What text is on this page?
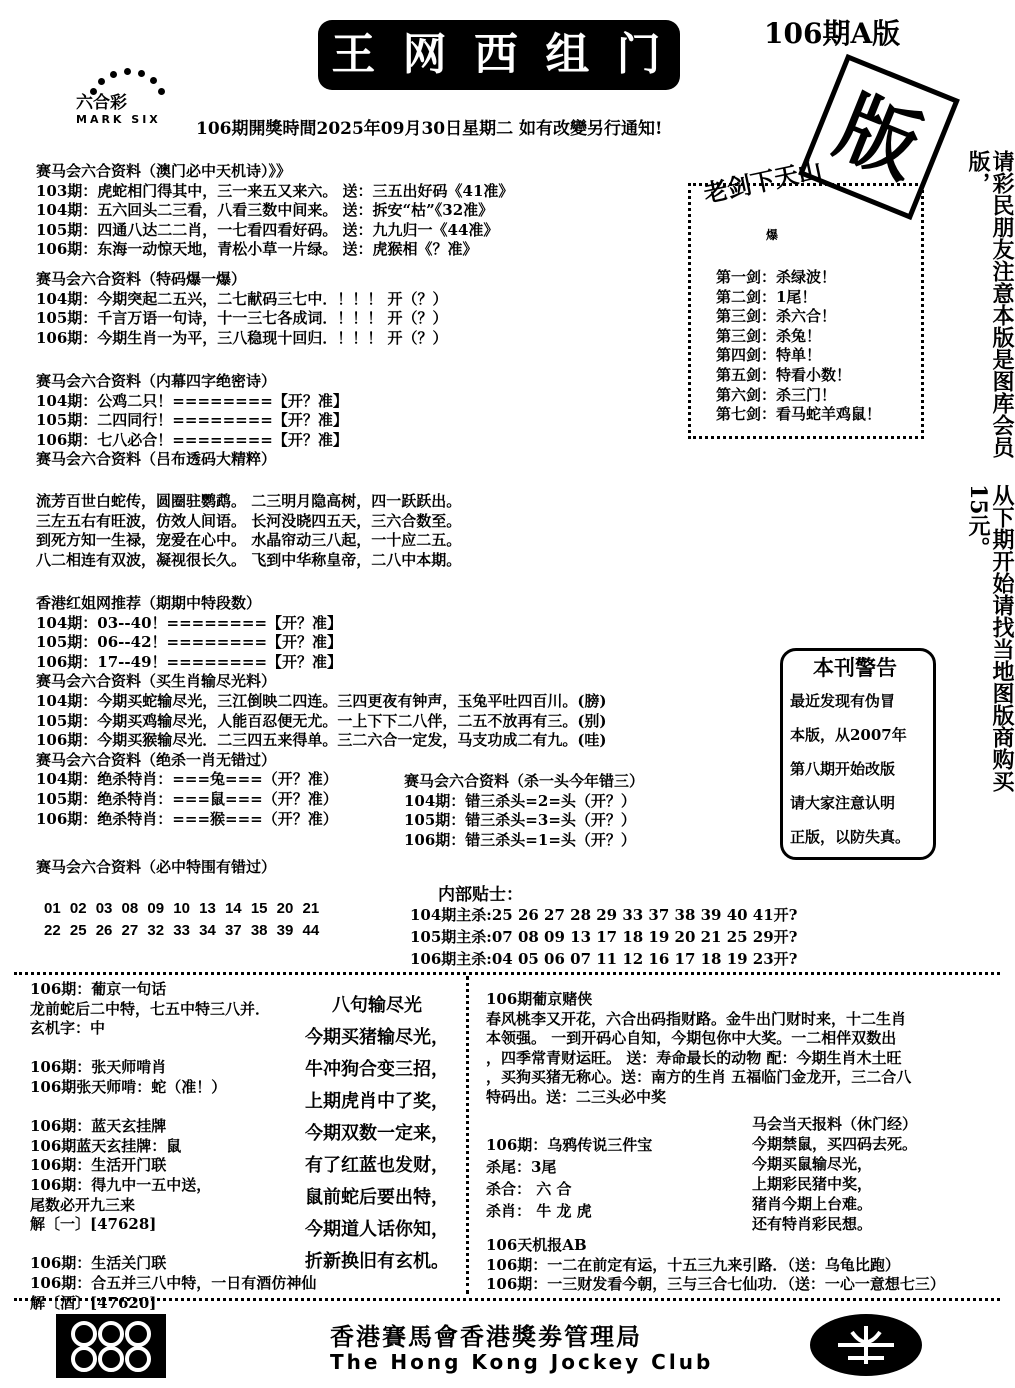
王 网 西 组 门	106期A版
版
六合彩
MARK SIX 106期開獎時間2025年09月30日星期二 如有改變另行通知!
赛马会六合资料（澳门必中天机诗）》》
103期：虎蛇相门得其中，三一来五又来六。 送：三五出好码《41准》
104期：五六回头二三看，八看三数中间来。 送：拆安“枯”《32准》
105期：四通八达二二肖，一七看四看好码。 送：九九归一《44准》
106期：东海一动惊天地，青松小草一片绿。 送：虎猴相《？准》
赛马会六合资料（特码爆一爆）
104期：今期突起二五兴，二七献码三七中．！！！ 开（？）
105期：千言万语一句诗，十一三七各成词．！！！ 开（？）
106期：今期生肖一为平，三八稳现十回归．！！！ 开（？）
赛马会六合资料（内幕四字绝密诗）
104期：公鸡二只！========【开？准】
105期：二四同行！========【开？准】
106期：七八必合！========【开？准】
赛马会六合资料（吕布透码大精粹）
流芳百世白蛇传，圆圈驻鹦鹉。 二三明月隐高树，四一跃跃出。
三左五右有旺波，仿效人间语。 长河没晓四五天，三六合数至。
到死方知一生禄，宠爱在心中。 水晶帘动三八起，一十应二五。
八二相连有双波，凝视很长久。 飞到中华称皇帝，二八中本期。
香港红姐网推荐（期期中特段数）
104期：03--40！========【开？准】
105期：06--42！========【开？准】
106期：17--49！========【开？准】
赛马会六合资料（买生肖输尽光料）
104期：今期买蛇输尽光，三江倒映二四连。三四更夜有钟声，玉兔平吐四百川。(膀)
105期：今期买鸡输尽光，人能百忍便无尤。一上下下二八伴，二五不放再有三。(别)
106期：今期买猴输尽光．二三四五来得单。三二六合一定发，马支功成二有九。(哇)
赛马会六合资料（绝杀一肖无错过）
104期：绝杀特肖：===兔===（开？准）
105期：绝杀特肖：===鼠===（开？准）
106期：绝杀特肖：===猴===（开？准）
赛马会六合资料（杀一头今年错三）
104期：错三杀头=2=头（开？）
105期：错三杀头=3=头（开？）
106期：错三杀头=1=头（开？）
赛马会六合资料（必中特围有错过）
01 02 03 08 09 10 13 14 15 20 21
22 25 26 27 32 33 34 37 38 39 44
内部贴士：
104期主杀:25 26 27 28 29 33 37 38 39 40 41开?
105期主杀:07 08 09 13 17 18 19 20 21 25 29开?
106期主杀:04 05 06 07 11 12 16 17 18 19 23开?
老剑下天山
爆
第一剑：杀绿波！
第二剑：1尾！
第三剑：杀六合！
第三剑：杀兔！
第四剑：特单！
第五剑：特看小数！
第六剑：杀三门！
第七剑：看马蛇羊鸡鼠！
本刊警告
最近发现有伪冒
本版，从2007年
第八期开始改版
请大家注意认明
正版，以防失真。
请彩民朋友注意本版是图库会员版，
从下期开始请找当地图版商购买15元。
106期：葡京一句话
龙前蛇后二中特，七五中特三八并．
玄机字：中

106期：张天师啃肖
106期张天师啃：蛇（准！）

106期：蓝天玄挂牌
106期蓝天玄挂牌：鼠
106期：生活开门联
106期：得九中一五中送，
尾数必开九三来
解〔一〕[47628]

106期：生活关门联
106期：合五并三八中特，一日有酒仿神仙
解〔酒〕[47620]
八句输尽光
今期买猪输尽光，
牛冲狗合变三招，
上期虎肖中了奖，
今期双数一定来，
有了红蓝也发财，
鼠前蛇后要出特，
今期道人话你知，
折新换旧有玄机。
106期葡京赌侠
春风桃李又开花，六合出码指财路。金牛出门财时来，十二生肖
本领强。 一到开码心自知，今期包你中大奖。一二相伴双数出
，四季常青财运旺。 送：寿命最长的动物 配：今期生肖木土旺
，买狗买猪无称心。送：南方的生肖 五福临门金龙开，三二合八
特码出。送：二三头必中奖
106期：乌鸦传说三件宝
杀尾：3尾
杀合： 六 合
杀肖： 牛 龙 虎
马会当天报料（休门经）
今期禁鼠，买四码去死。
今期买鼠输尽光，
上期彩民猪中奖，
猪肖今期上台难。
还有特肖彩民想。
106天机报AB
106期：一二在前定有运，十五三九来引路．（送：乌龟比跑）
106期：一三财发看今朝，三与三合七仙功．（送：一心一意想七三）
香港賽馬會香港獎劵管理局
The Hong Kong Jockey Club
